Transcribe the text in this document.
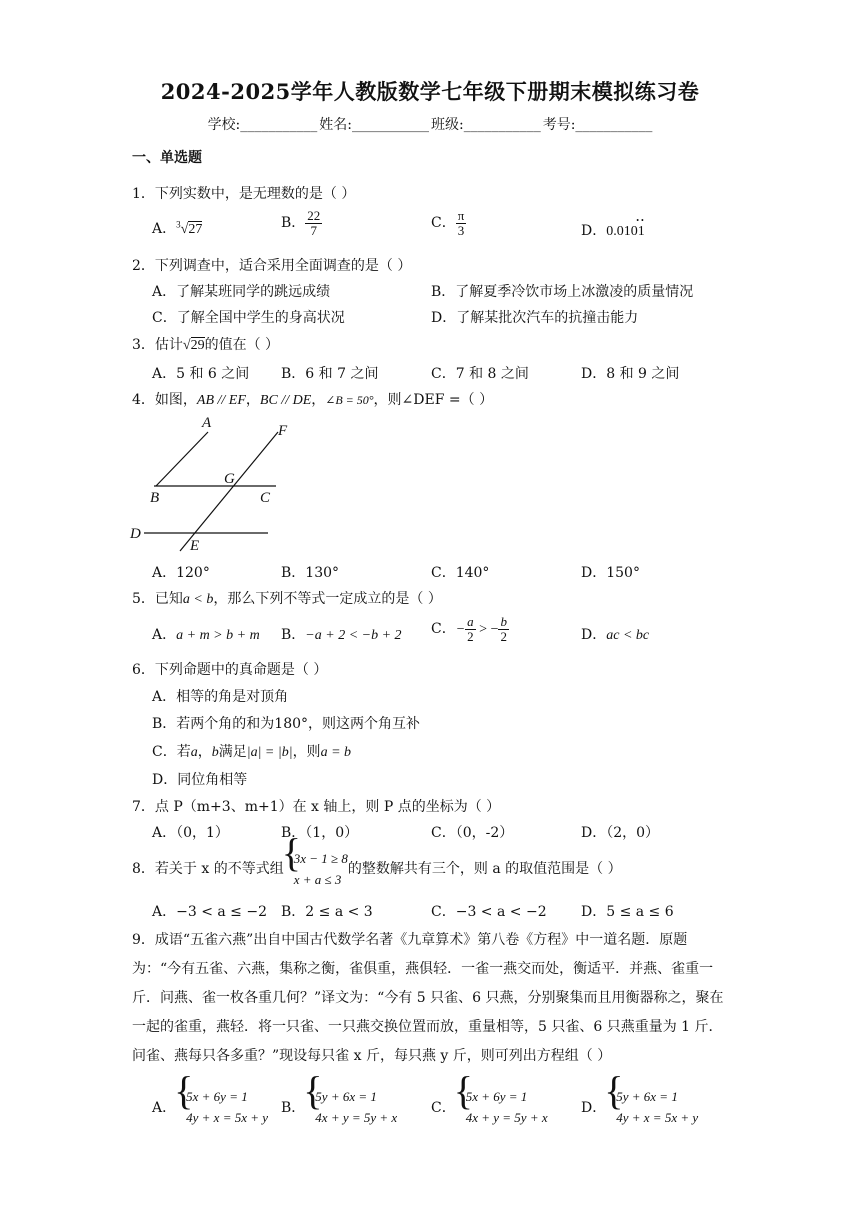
2024-2025学年人教版数学七年级下册期末模拟练习卷
学校:___________ 姓名:___________ 班级:___________ 考号:___________
一、单选题
1．下列实数中，是无理数的是（ ）
A．$^3$√27	B． $\frac{22}{7}$	C． $\frac{\pi}{3}$	D．0.0101
• •
2．下列调查中，适合采用全面调查的是（ ）
A．了解某班同学的跳远成绩	B．了解夏季冷饮市场上冰激凌的质量情况
C．了解全国中学生的身高状况	D．了解某批次汽车的抗撞击能力
3．估计√29的值在（ ）
A．5 和 6 之间 B．6 和 7 之间	C．7 和 8 之间	D．8 和 9 之间
4．如图，AB // EF，BC // DE，∠B = 50°，则∠DEF =（ ）
A	F
G
B	C
D
E
A．120°	B．130°	C．140°	D．150°
5．已知a < b，那么下列不等式一定成立的是（ ）
A．a + m > b + m B．−a + 2 < −b + 2 C．− $\frac{a}{2}$ > − $\frac{b}{2}$	D．ac < bc
6．下列命题中的真命题是（ ）
A．相等的角是对顶角
B．若两个角的和为180°，则这两个角互补
C．若a，b满足|a| = |b|，则a = b
D．同位角相等
7．点 P（m+3、m+1）在 x 轴上，则 P 点的坐标为（ ）
A．（0，1）	B．（1，0）	C．（0，-2）	D．（2，0）
8．若关于 x 的不等式组
{ 3x − 1 ≥ 8
x + a ≤ 3
的整数解共有三个，则 a 的取值范围是（ ）
A．−3 < a ≤ −2 B．2 ≤ a < 3	C．−3 < a < −2 D．5 ≤ a ≤ 6
9．成语“五雀六燕”出自中国古代数学名著《九章算术》第八卷《方程》中一道名题．原题为：“今有五雀、六燕，集称之衡，雀俱重，燕俱轻．一雀一燕交而处，衡适平．并燕、雀重一斤．问燕、雀一枚各重几何？”译文为：“今有 5 只雀、6 只燕，分别聚集而且用衡器称之，聚在一起的雀重，燕轻．将一只雀、一只燕交换位置而放，重量相等，5 只雀、6 只燕重量为 1 斤．问雀、燕每只各多重？”现设每只雀 x 斤，每只燕 y 斤，则可列出方程组（ ）
A．
{ 5x + 6y = 1
4y + x = 5x + y
B．
{ 5y + 6x = 1
4x + y = 5y + x
C．
{ 5x + 6y = 1
4x + y = 5y + x
D．
{ 5y + 6x = 1
4y + x = 5x + y
